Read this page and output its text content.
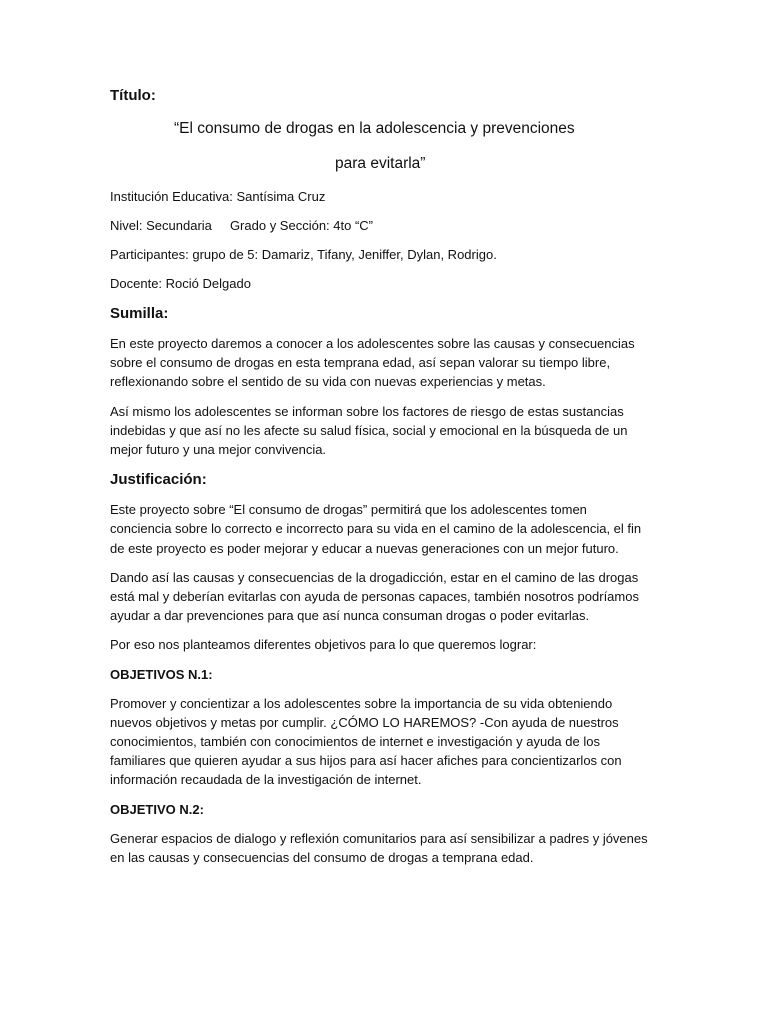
Título:

“El consumo de drogas en la adolescencia y prevenciones

para evitarla”

Institución Educativa: Santísima Cruz

Nivel: Secundaria     Grado y Sección: 4to “C”

Participantes: grupo de 5: Damariz, Tifany, Jeniffer, Dylan, Rodrigo.

Docente: Roció Delgado

Sumilla:

En este proyecto daremos a conocer a los adolescentes sobre las causas y consecuencias sobre el consumo de drogas en esta temprana edad, así sepan valorar su tiempo libre, reflexionando sobre el sentido de su vida con nuevas experiencias y metas.

Así mismo los adolescentes se informan sobre los factores de riesgo de estas sustancias indebidas y que así no les afecte su salud física, social y emocional en la búsqueda de un mejor futuro y una mejor convivencia.

Justificación:

Este proyecto sobre “El consumo de drogas” permitirá que los adolescentes tomen conciencia sobre lo correcto e incorrecto para su vida en el camino de la adolescencia, el fin de este proyecto es poder mejorar y educar a nuevas generaciones con un mejor futuro.

Dando así las causas y consecuencias de la drogadicción, estar en el camino de las drogas está mal y deberían evitarlas con ayuda de personas capaces, también nosotros podríamos ayudar a dar prevenciones para que así nunca consuman drogas o poder evitarlas.

Por eso nos planteamos diferentes objetivos para lo que queremos lograr:

OBJETIVOS N.1:

Promover y concientizar a los adolescentes sobre la importancia de su vida obteniendo nuevos objetivos y metas por cumplir. ¿CÓMO LO HAREMOS? -Con ayuda de nuestros conocimientos, también con conocimientos de internet e investigación y ayuda de los familiares que quieren ayudar a sus hijos para así hacer afiches para concientizarlos con información recaudada de la investigación de internet.

OBJETIVO N.2:

Generar espacios de dialogo y reflexión comunitarios para así sensibilizar a padres y jóvenes en las causas y consecuencias del consumo de drogas a temprana edad.
